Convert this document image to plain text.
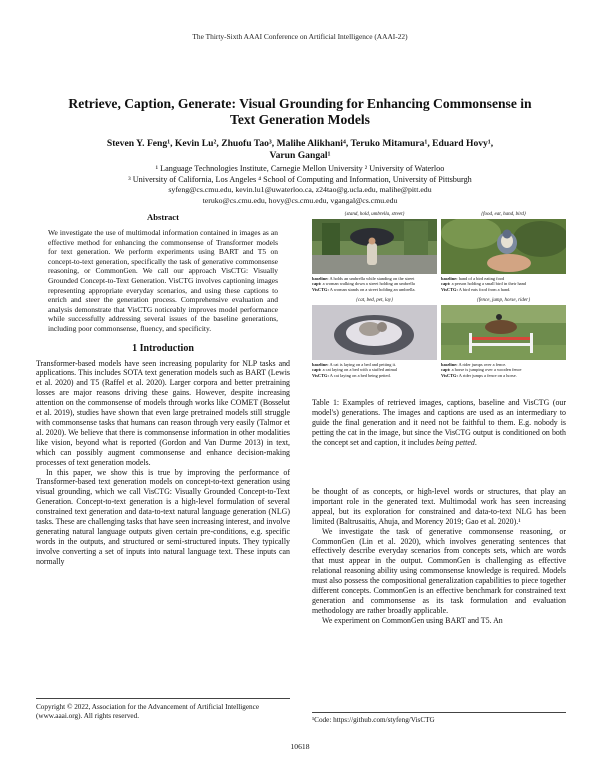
The Thirty-Sixth AAAI Conference on Artificial Intelligence (AAAI-22)
Retrieve, Caption, Generate: Visual Grounding for Enhancing Commonsense in
Text Generation Models
Steven Y. Feng¹, Kevin Lu², Zhuofu Tao³, Malihe Alikhani⁴, Teruko Mitamura¹, Eduard Hovy¹,
Varun Gangal¹
¹ Language Technologies Institute, Carnegie Mellon University ² University of Waterloo
³ University of California, Los Angeles ⁴ School of Computing and Information, University of Pittsburgh
syfeng@cs.cmu.edu, kevin.lu1@uwaterloo.ca, z24tao@g.ucla.edu, malihe@pitt.edu
teruko@cs.cmu.edu, hovy@cs.cmu.edu, vgangal@cs.cmu.edu
Abstract
We investigate the use of multimodal information contained in images as an effective method for enhancing the commonsense of Transformer models for text generation. We perform experiments using BART and T5 on concept-to-text generation, specifically the task of generative commonsense reasoning, or CommonGen. We call our approach VisCTG: Visually Grounded Concept-to-Text Generation. VisCTG involves captioning images representing appropriate everyday scenarios, and using these captions to enrich and steer the generation process. Comprehensive evaluation and analysis demonstrate that VisCTG noticeably improves model performance while successfully addressing several issues of the baseline generations, including poor commonsense, fluency, and specificity.
1 Introduction

Transformer-based models have seen increasing popularity for NLP tasks and applications. This includes SOTA text generation models such as BART (Lewis et al. 2020) and T5 (Raffel et al. 2020). Larger corpora and better pretraining losses are major reasons driving these gains. However, despite increasing attention on the commonsense of models through works like COMET (Bosselut et al. 2019), studies have shown that even large pretrained models still struggle with commonsense tasks that humans can reason through very easily (Talmor et al. 2020). We believe that there is commonsense information in other modalities like vision, beyond what is reported (Gordon and Van Durme 2013) in text, which can possibly augment commonsense and enhance decision-making processes of text generation models.

In this paper, we show this is true by improving the performance of Transformer-based text generation models on concept-to-text generation using visual grounding, which we call VisCTG: Visually Grounded Concept-to-Text Generation. Concept-to-text generation is a high-level formulation of several constrained text generation and data-to-text natural language generation (NLG) tasks. These are challenging tasks that have seen increasing interest, and involve generating natural language outputs given certain pre-conditions, e.g. specific words in the outputs, and structured or semi-structured inputs. They typically involve converting a set of inputs into natural language text. These inputs can normally

Copyright © 2022, Association for the Advancement of Artificial Intelligence (www.aaai.org). All rights reserved.
{stand, hold, umbrella, street}
baseline: A holds an umbrella while standing on the street
capt: a woman walking down a street holding an umbrella
VisCTG: A woman stands on a street holding an umbrella.
{food, eat, hand, bird}
baseline: hand of a bird eating food
capt: a person holding a small bird in their hand
VisCTG: A bird eats food from a hand.
{cat, bed, pet, lay}
baseline: A cat is laying on a bed and petting it.
capt: a cat laying on a bed with a stuffed animal
VisCTG: A cat laying on a bed being petted.
{fence, jump, horse, rider}
baseline: A rider jumps over a fence.
capt: a horse is jumping over a wooden fence
VisCTG: A rider jumps a fence on a horse.
Table 1: Examples of retrieved images, captions, baseline and VisCTG (our model's) generations. The images and captions are used as an intermediary to guide the final generation and it need not be faithful to them. E.g. nobody is petting the cat in the image, but since the VisCTG output is conditioned on both the concept set and caption, it includes being petted.

be thought of as concepts, or high-level words or structures, that play an important role in the generated text. Multimodal work has seen increasing appeal, but its exploration for constrained and data-to-text NLG has been limited (Baltrusaitis, Ahuja, and Morency 2019; Gao et al. 2020).¹

We investigate the task of generative commonsense reasoning, or CommonGen (Lin et al. 2020), which involves generating sentences that effectively describe everyday scenarios from concepts sets, which are words that must appear in the output. CommonGen is challenging as effective relational reasoning ability using commonsense knowledge is required. Models must also possess the compositional generalization capabilities to piece together different concepts. CommonGen is an effective benchmark for constrained text generation and commonsense as its task formulation and evaluation methodology are rather broadly applicable.

We experiment on CommonGen using BART and T5. An

¹Code: https://github.com/styfeng/VisCTG
10618
